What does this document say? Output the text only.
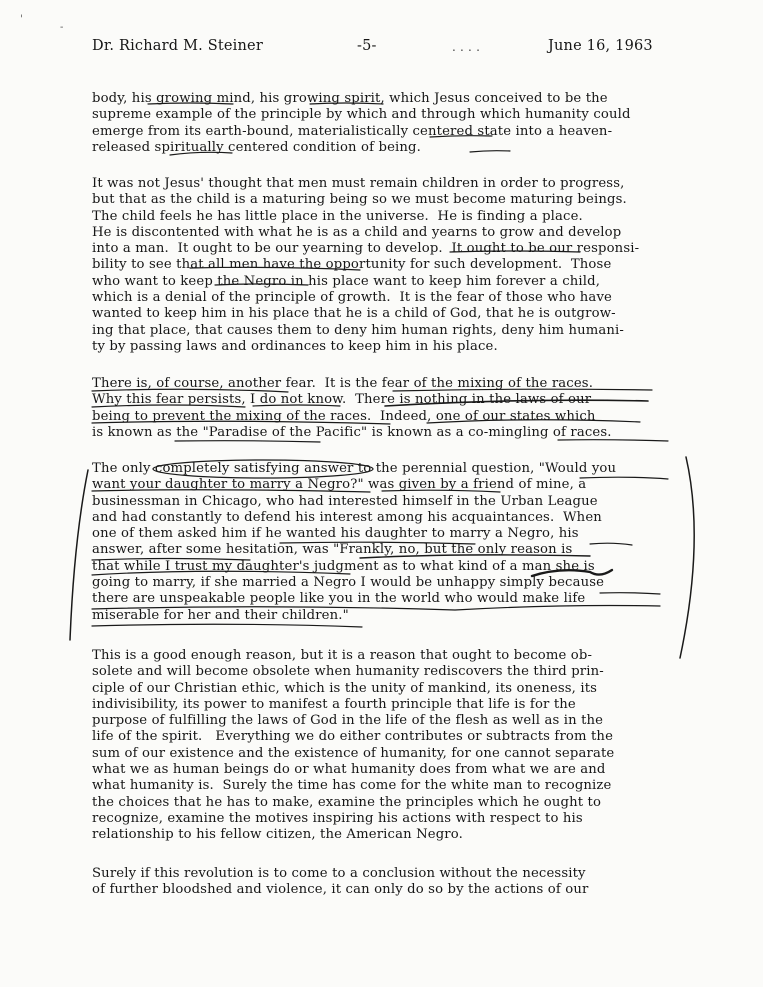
Dr. Richard M. Steiner	-5-	. . . .	June 16, 1963
body, his growing mind, his growing spirit, which Jesus conceived to be the
supreme example of the principle by which and through which humanity could
emerge from its earth-bound, materialistically centered state into a heaven-
released spiritually centered condition of being.
It was not Jesus' thought that men must remain children in order to progress,
but that as the child is a maturing being so we must become maturing beings.
The child feels he has little place in the universe.  He is finding a place.
He is discontented with what he is as a child and yearns to grow and develop
into a man.  It ought to be our yearning to develop.  It ought to be our responsi-
bility to see that all men have the opportunity for such development.  Those
who want to keep the Negro in his place want to keep him forever a child,
which is a denial of the principle of growth.  It is the fear of those who have
wanted to keep him in his place that he is a child of God, that he is outgrow-
ing that place, that causes them to deny him human rights, deny him humani-
ty by passing laws and ordinances to keep him in his place.
There is, of course, another fear.  It is the fear of the mixing of the races.
Why this fear persists, I do not know.  There is nothing in the laws of our
being to prevent the mixing of the races.  Indeed, one of our states which
is known as the "Paradise of the Pacific" is known as a co-mingling of races.
The only completely satisfying answer to the perennial question, "Would you
want your daughter to marry a Negro?" was given by a friend of mine, a
businessman in Chicago, who had interested himself in the Urban League
and had constantly to defend his interest among his acquaintances.  When
one of them asked him if he wanted his daughter to marry a Negro, his
answer, after some hesitation, was "Frankly, no, but the only reason is
that while I trust my daughter's judgment as to what kind of a man she is
going to marry, if she married a Negro I would be unhappy simply because
there are unspeakable people like you in the world who would make life
miserable for her and their children."
This is a good enough reason, but it is a reason that ought to become ob-
solete and will become obsolete when humanity rediscovers the third prin-
ciple of our Christian ethic, which is the unity of mankind, its oneness, its
indivisibility, its power to manifest a fourth principle that life is for the
purpose of fulfilling the laws of God in the life of the flesh as well as in the
life of the spirit.   Everything we do either contributes or subtracts from the
sum of our existence and the existence of humanity, for one cannot separate
what we as human beings do or what humanity does from what we are and
what humanity is.  Surely the time has come for the white man to recognize
the choices that he has to make, examine the principles which he ought to
recognize, examine the motives inspiring his actions with respect to his
relationship to his fellow citizen, the American Negro.
Surely if this revolution is to come to a conclusion without the necessity
of further bloodshed and violence, it can only do so by the actions of our
'
-
